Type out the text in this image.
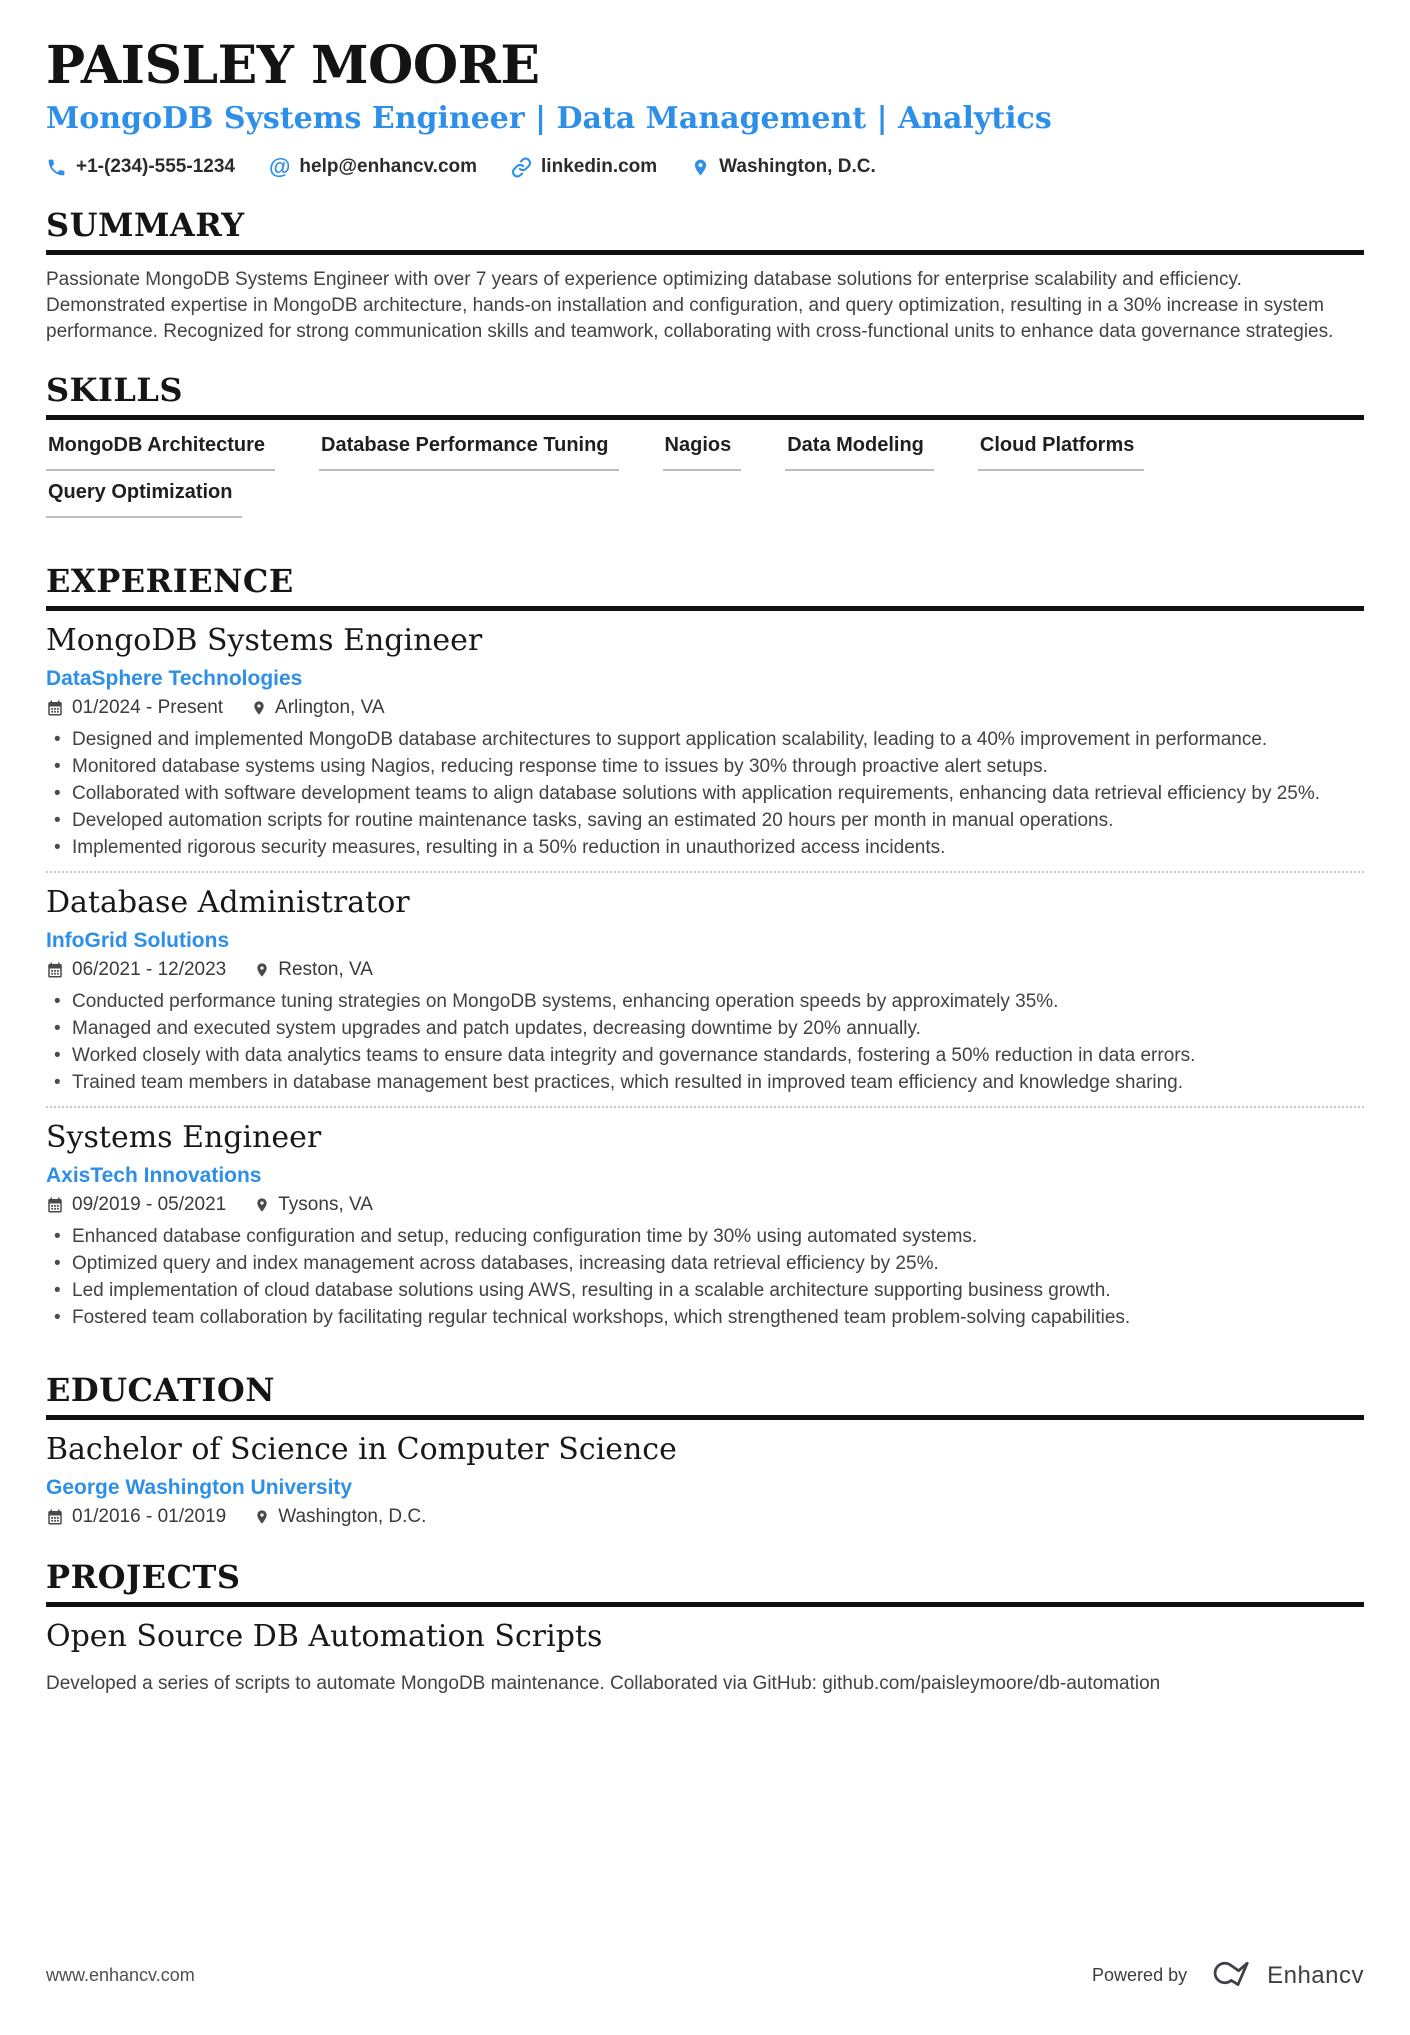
PAISLEY MOORE
MongoDB Systems Engineer | Data Management | Analytics
+1-(234)-555-1234 @ help@enhancv.com	linkedin.com	Washington, D.C.
SUMMARY

Passionate MongoDB Systems Engineer with over 7 years of experience optimizing database solutions for enterprise scalability and efficiency. Demonstrated expertise in MongoDB architecture, hands-on installation and configuration, and query optimization, resulting in a 30% increase in system performance. Recognized for strong communication skills and teamwork, collaborating with cross-functional units to enhance data governance strategies.

SKILLS
MongoDB Architecture	Database Performance Tuning	Nagios	Data Modeling	Cloud Platforms
Query Optimization
EXPERIENCE
MongoDB Systems Engineer
DataSphere Technologies
01/2024 - Present	Arlington, VA
• Designed and implemented MongoDB database architectures to support application scalability, leading to a 40% improvement in performance.
• Monitored database systems using Nagios, reducing response time to issues by 30% through proactive alert setups.
• Collaborated with software development teams to align database solutions with application requirements, enhancing data retrieval efficiency by 25%.
• Developed automation scripts for routine maintenance tasks, saving an estimated 20 hours per month in manual operations.
• Implemented rigorous security measures, resulting in a 50% reduction in unauthorized access incidents.
Database Administrator
InfoGrid Solutions
06/2021 - 12/2023	Reston, VA
• Conducted performance tuning strategies on MongoDB systems, enhancing operation speeds by approximately 35%.
• Managed and executed system upgrades and patch updates, decreasing downtime by 20% annually.
• Worked closely with data analytics teams to ensure data integrity and governance standards, fostering a 50% reduction in data errors.
• Trained team members in database management best practices, which resulted in improved team efficiency and knowledge sharing.
Systems Engineer
AxisTech Innovations
09/2019 - 05/2021	Tysons, VA
• Enhanced database configuration and setup, reducing configuration time by 30% using automated systems.
• Optimized query and index management across databases, increasing data retrieval efficiency by 25%.
• Led implementation of cloud database solutions using AWS, resulting in a scalable architecture supporting business growth.
• Fostered team collaboration by facilitating regular technical workshops, which strengthened team problem-solving capabilities.
EDUCATION
Bachelor of Science in Computer Science
George Washington University
01/2016 - 01/2019	Washington, D.C.
PROJECTS
Open Source DB Automation Scripts

Developed a series of scripts to automate MongoDB maintenance. Collaborated via GitHub: github.com/paisleymoore/db-automation

www.enhancv.com	Powered by	Enhancv
